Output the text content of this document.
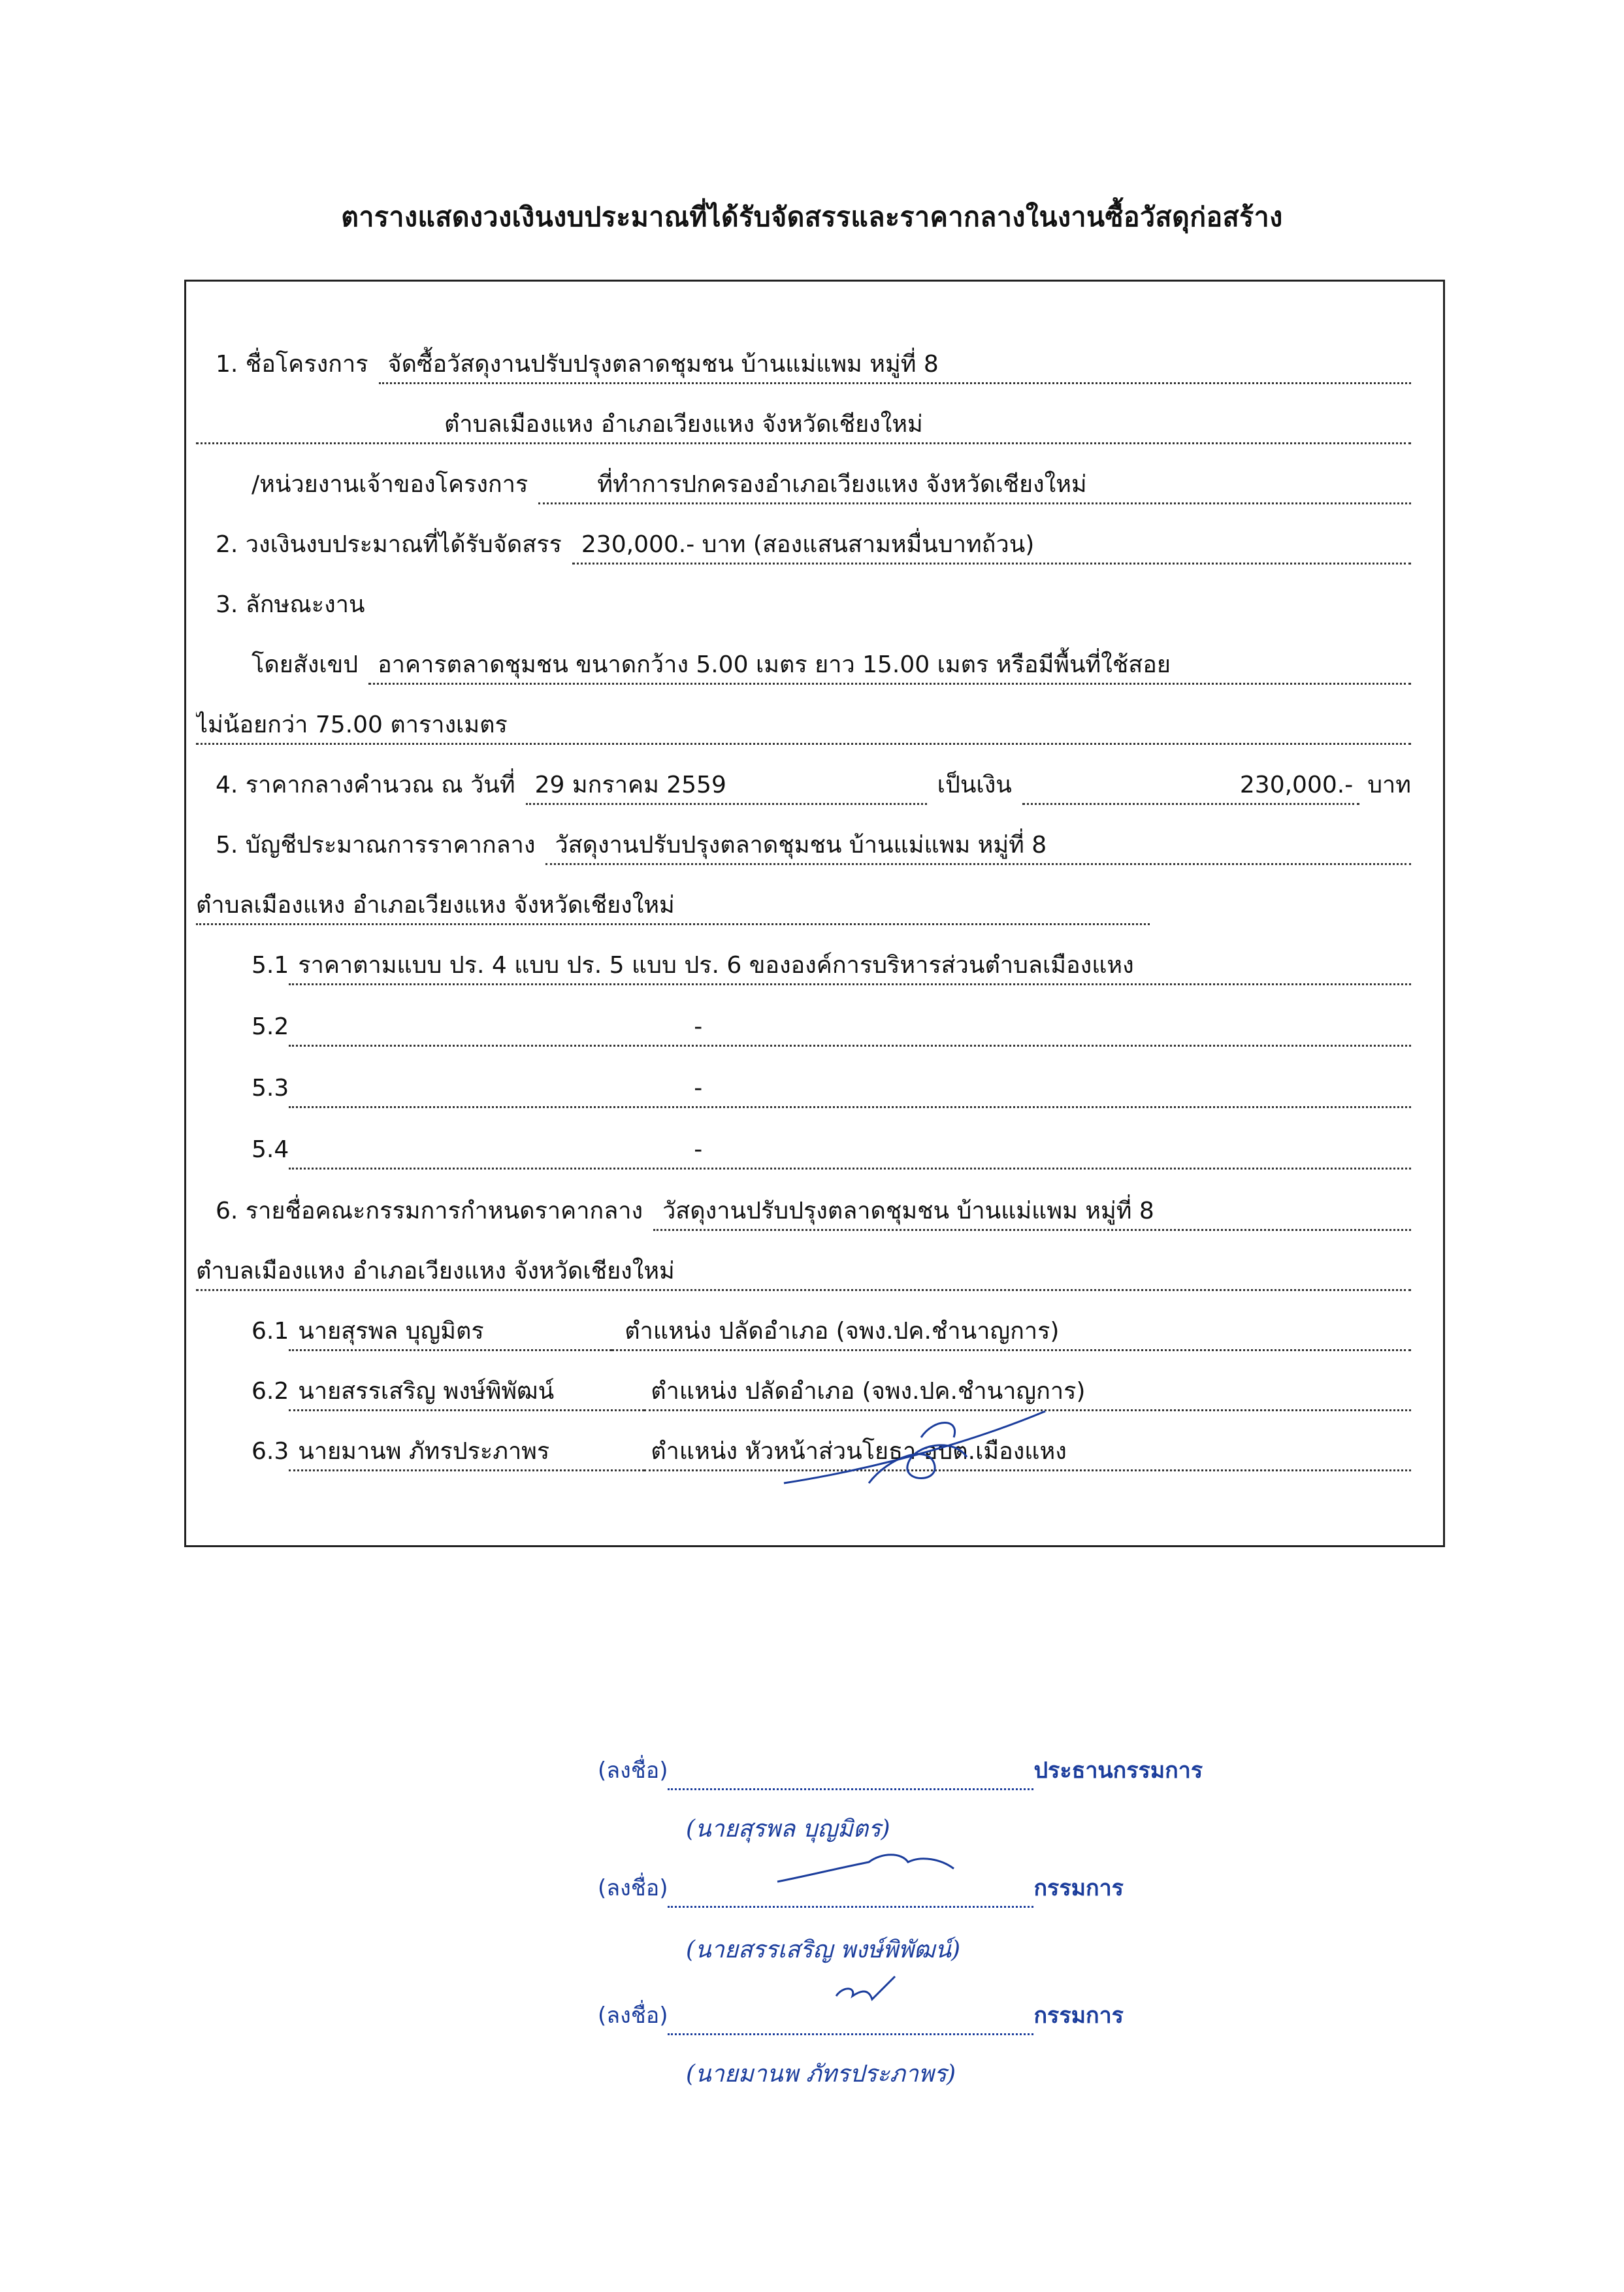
ตารางแสดงวงเงินงบประมาณที่ได้รับจัดสรรและราคากลางในงานซื้อวัสดุก่อสร้าง
1. ชื่อโครงการ จัดซื้อวัสดุงานปรับปรุงตลาดชุมชน บ้านแม่แพม หมู่ที่ 8
ตำบลเมืองแหง อำเภอเวียงแหง จังหวัดเชียงใหม่
/หน่วยงานเจ้าของโครงการ	ที่ทำการปกครองอำเภอเวียงแหง จังหวัดเชียงใหม่
2. วงเงินงบประมาณที่ได้รับจัดสรร 230,000.- บาท (สองแสนสามหมื่นบาทถ้วน)
3. ลักษณะงาน
โดยสังเขป อาคารตลาดชุมชน ขนาดกว้าง 5.00 เมตร ยาว 15.00 เมตร หรือมีพื้นที่ใช้สอย
ไม่น้อยกว่า 75.00 ตารางเมตร
4. ราคากลางคำนวณ ณ วันที่ 29 มกราคม 2559	เป็นเงิน	230,000.- บาท
5. บัญชีประมาณการราคากลาง วัสดุงานปรับปรุงตลาดชุมชน บ้านแม่แพม หมู่ที่ 8
ตำบลเมืองแหง อำเภอเวียงแหง จังหวัดเชียงใหม่
5.1 ราคาตามแบบ ปร. 4 แบบ ปร. 5 แบบ ปร. 6 ขององค์การบริหารส่วนตำบลเมืองแหง
5.2	-
5.3	-
5.4	-
6. รายชื่อคณะกรรมการกำหนดราคากลาง วัสดุงานปรับปรุงตลาดชุมชน บ้านแม่แพม หมู่ที่ 8
ตำบลเมืองแหง อำเภอเวียงแหง จังหวัดเชียงใหม่
6.1 นายสุรพล บุญมิตร	ตำแหน่ง ปลัดอำเภอ (จพง.ปค.ชำนาญการ)
6.2 นายสรรเสริญ พงษ์พิพัฒน์	ตำแหน่ง ปลัดอำเภอ (จพง.ปค.ชำนาญการ)
6.3 นายมานพ ภัทรประภาพร	ตำแหน่ง หัวหน้าส่วนโยธา อบต.เมืองแหง
(ลงชื่อ)	ประธานกรรมการ
(นายสุรพล บุญมิตร)
(ลงชื่อ)	กรรมการ
(นายสรรเสริญ พงษ์พิพัฒน์)
(ลงชื่อ)	กรรมการ
(นายมานพ ภัทรประภาพร)
